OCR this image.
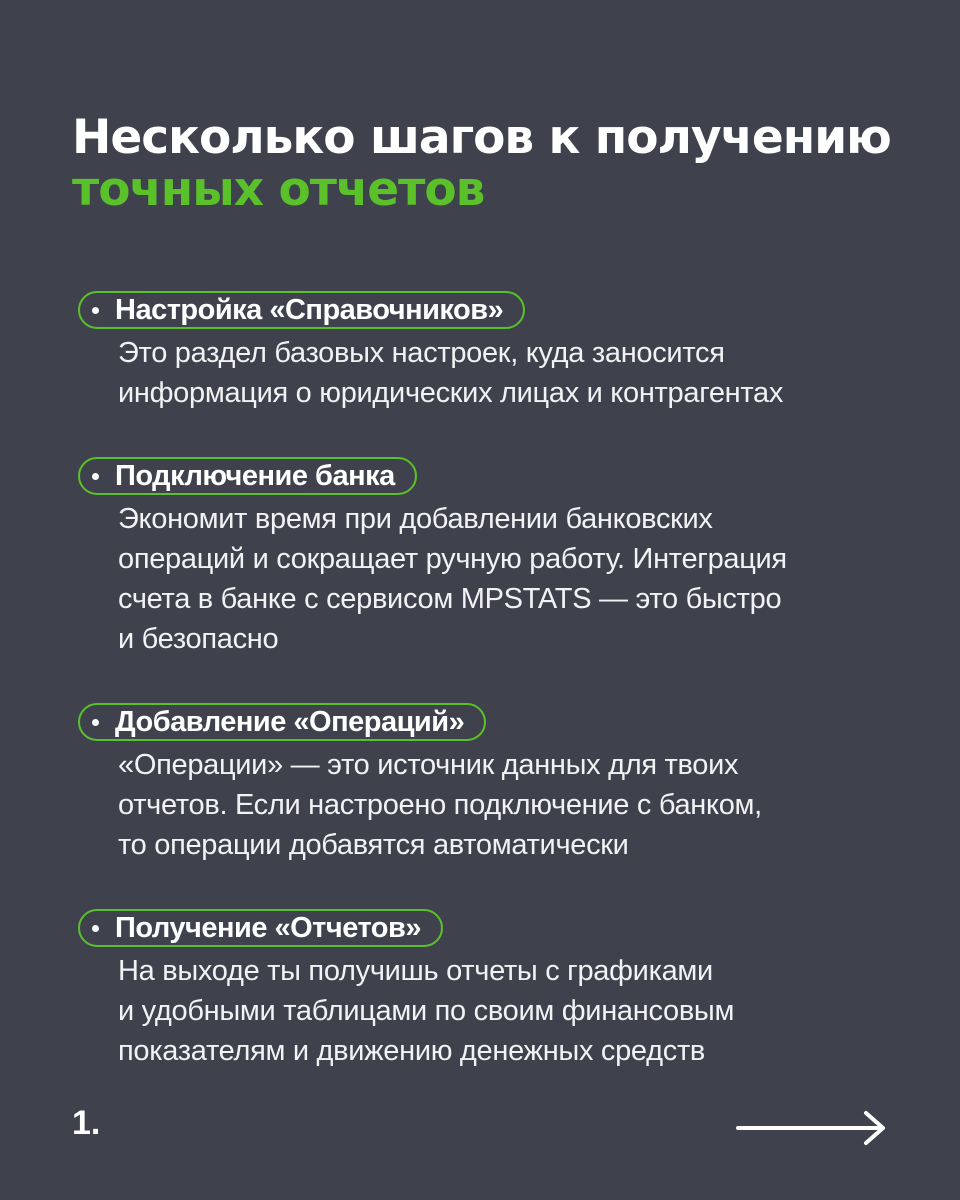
Несколько шагов к получению
точных отчетов
Настройка «Справочников»
Это раздел базовых настроек, куда заносится
информация о юридических лицах и контрагентах
Подключение банка
Экономит время при добавлении банковских
операций и сокращает ручную работу. Интеграция
счета в банке с сервисом MPSTATS — это быстро
и безопасно
Добавление «Операций»
«Операции» — это источник данных для твоих
отчетов. Если настроено подключение с банком,
то операции добавятся автоматически
Получение «Отчетов»
На выходе ты получишь отчеты с графиками
и удобными таблицами по своим финансовым
показателям и движению денежных средств
1.
